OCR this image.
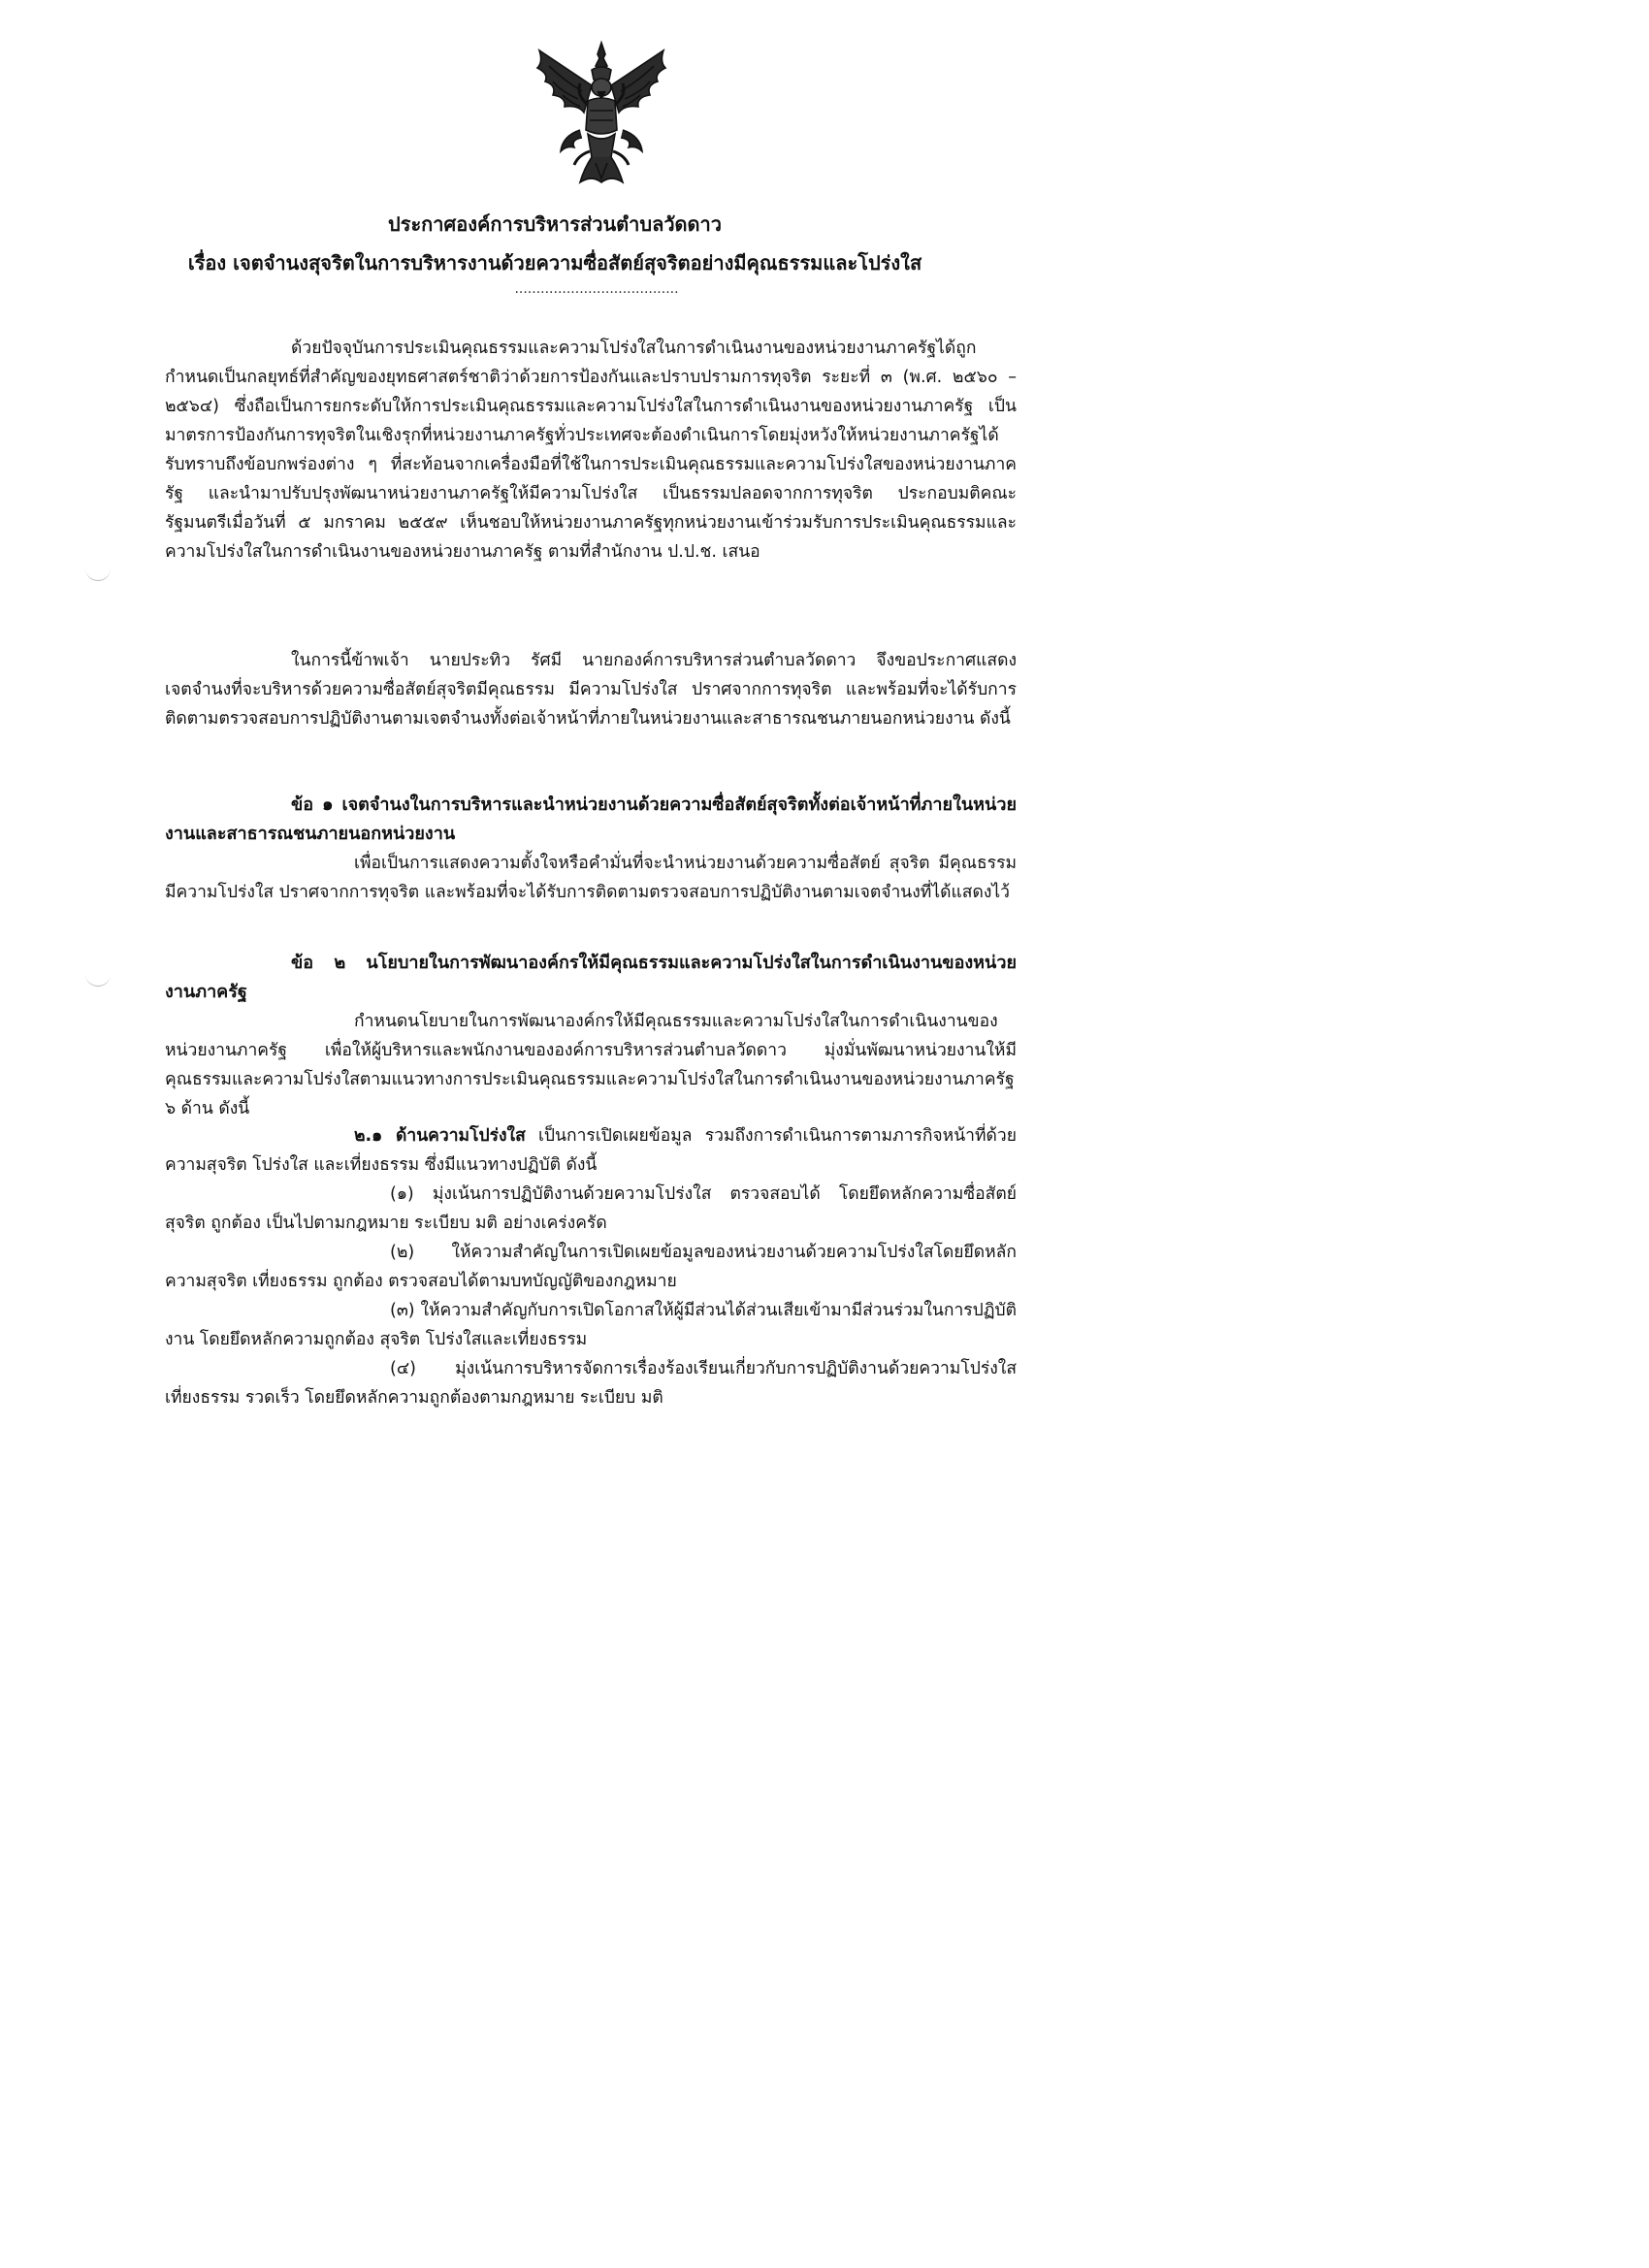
ประกาศองค์การบริหารส่วนตำบลวัดดาว
เรื่อง เจตจำนงสุจริตในการบริหารงานด้วยความซื่อสัตย์สุจริตอย่างมีคุณธรรมและโปร่งใส
......................................
ด้วยปัจจุบันการประเมินคุณธรรมและความโปร่งใสในการดำเนินงานของหน่วยงานภาครัฐได้ถูกกำหนดเป็นกลยุทธ์ที่สำคัญของยุทธศาสตร์ชาติว่าด้วยการป้องกันและปราบปรามการทุจริต ระยะที่ ๓ (พ.ศ. ๒๕๖๐ – ๒๕๖๔) ซึ่งถือเป็นการยกระดับให้การประเมินคุณธรรมและความโปร่งใสในการดำเนินงานของหน่วยงานภาครัฐ เป็นมาตรการป้องกันการทุจริตในเชิงรุกที่หน่วยงานภาครัฐทั่วประเทศจะต้องดำเนินการโดยมุ่งหวังให้หน่วยงานภาครัฐได้รับทราบถึงข้อบกพร่องต่าง ๆ ที่สะท้อนจากเครื่องมือที่ใช้ในการประเมินคุณธรรมและความโปร่งใสของหน่วยงานภาครัฐ และนำมาปรับปรุงพัฒนาหน่วยงานภาครัฐให้มีความโปร่งใส เป็นธรรมปลอดจากการทุจริต ประกอบมติคณะรัฐมนตรีเมื่อวันที่ ๕ มกราคม ๒๕๕๙ เห็นชอบให้หน่วยงานภาครัฐทุกหน่วยงานเข้าร่วมรับการประเมินคุณธรรมและความโปร่งใสในการดำเนินงานของหน่วยงานภาครัฐ ตามที่สำนักงาน ป.ป.ช. เสนอ
ในการนี้ข้าพเจ้า นายประทิว รัศมี นายกองค์การบริหารส่วนตำบลวัดดาว จึงขอประกาศแสดงเจตจำนงที่จะบริหารด้วยความซื่อสัตย์สุจริตมีคุณธรรม มีความโปร่งใส ปราศจากการทุจริต และพร้อมที่จะได้รับการติดตามตรวจสอบการปฏิบัติงานตามเจตจำนงทั้งต่อเจ้าหน้าที่ภายในหน่วยงานและสาธารณชนภายนอกหน่วยงาน ดังนี้
ข้อ ๑ เจตจำนงในการบริหารและนำหน่วยงานด้วยความซื่อสัตย์สุจริตทั้งต่อเจ้าหน้าที่ภายในหน่วยงานและสาธารณชนภายนอกหน่วยงาน
เพื่อเป็นการแสดงความตั้งใจหรือคำมั่นที่จะนำหน่วยงานด้วยความซื่อสัตย์ สุจริต มีคุณธรรม มีความโปร่งใส ปราศจากการทุจริต และพร้อมที่จะได้รับการติดตามตรวจสอบการปฏิบัติงานตามเจตจำนงที่ได้แสดงไว้
ข้อ ๒ นโยบายในการพัฒนาองค์กรให้มีคุณธรรมและความโปร่งใสในการดำเนินงานของหน่วยงานภาครัฐ
กำหนดนโยบายในการพัฒนาองค์กรให้มีคุณธรรมและความโปร่งใสในการดำเนินงานของหน่วยงานภาครัฐ เพื่อให้ผู้บริหารและพนักงานขององค์การบริหารส่วนตำบลวัดดาว มุ่งมั่นพัฒนาหน่วยงานให้มีคุณธรรมและความโปร่งใสตามแนวทางการประเมินคุณธรรมและความโปร่งใสในการดำเนินงานของหน่วยงานภาครัฐ ๖ ด้าน ดังนี้
๒.๑ ด้านความโปร่งใส เป็นการเปิดเผยข้อมูล รวมถึงการดำเนินการตามภารกิจหน้าที่ด้วยความสุจริต โปร่งใส และเที่ยงธรรม ซึ่งมีแนวทางปฏิบัติ ดังนี้
(๑) มุ่งเน้นการปฏิบัติงานด้วยความโปร่งใส ตรวจสอบได้ โดยยึดหลักความซื่อสัตย์ สุจริต ถูกต้อง เป็นไปตามกฎหมาย ระเบียบ มติ อย่างเคร่งครัด
(๒) ให้ความสำคัญในการเปิดเผยข้อมูลของหน่วยงานด้วยความโปร่งใสโดยยึดหลักความสุจริต เที่ยงธรรม ถูกต้อง ตรวจสอบได้ตามบทบัญญัติของกฎหมาย
(๓) ให้ความสำคัญกับการเปิดโอกาสให้ผู้มีส่วนได้ส่วนเสียเข้ามามีส่วนร่วมในการปฏิบัติงาน โดยยึดหลักความถูกต้อง สุจริต โปร่งใสและเที่ยงธรรม
(๔) มุ่งเน้นการบริหารจัดการเรื่องร้องเรียนเกี่ยวกับการปฏิบัติงานด้วยความโปร่งใสเที่ยงธรรม รวดเร็ว โดยยึดหลักความถูกต้องตามกฎหมาย ระเบียบ มติ
